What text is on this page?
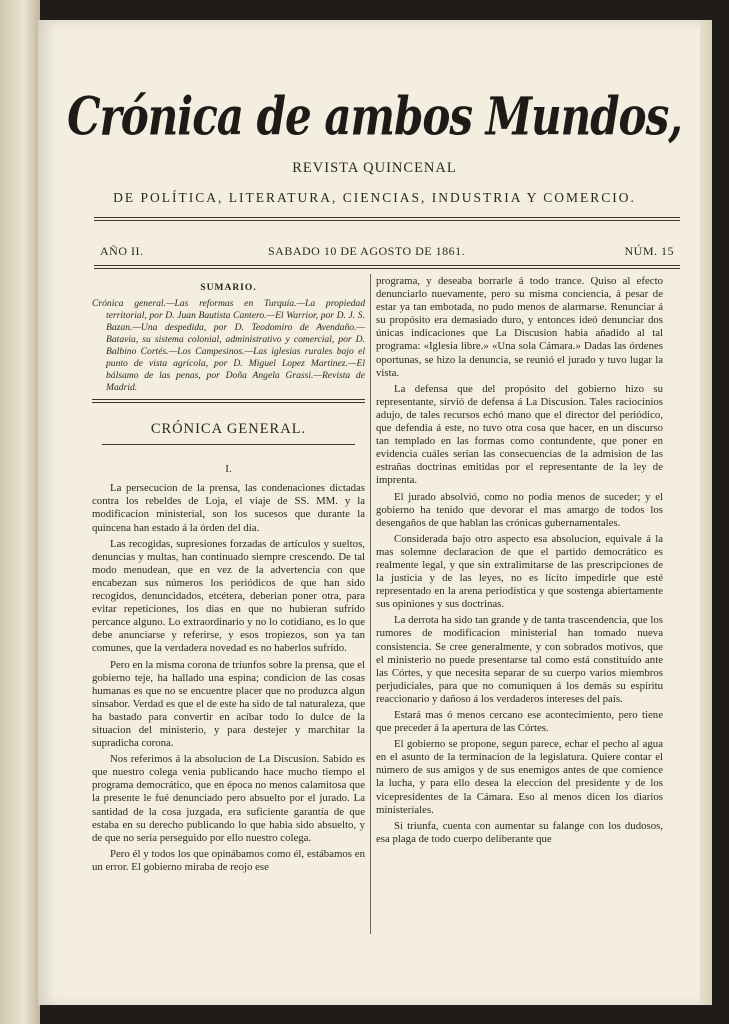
Crónica de ambos Mundos,
REVISTA QUINCENAL
DE POLÍTICA, LITERATURA, CIENCIAS, INDUSTRIA Y COMERCIO.
AÑO II.	SABADO 10 DE AGOSTO DE 1861.	NÚM. 15
SUMARIO.
Crónica general.—Las reformas en Turquía.—La propiedad territorial, por D. Juan Bautista Cantero.—El Warrior, por D. J. S. Bazan.—Una despedida, por D. Teodomiro de Avendaño.—Batavia, su sistema colonial, administrativo y comercial, por D. Balbino Cortés.—Los Campesinos.—Las iglesias rurales bajo el punto de vista agrícola, por D. Miguel Lopez Martinez.—El bálsamo de las penas, por Doña Angela Grassi.—Revista de Madrid.
CRÓNICA GENERAL.
I.

La persecucion de la prensa, las condenaciones dictadas contra los rebeldes de Loja, el viaje de SS. MM. y la modificacion ministerial, son los sucesos que durante la quincena han estado á la órden del dia.

Las recogidas, supresiones forzadas de artículos y sueltos, denuncias y multas, han continuado siempre crescendo. De tal modo menudean, que en vez de la advertencia con que encabezan sus números los periódicos de que han sido recogidos, denuncidados, etcétera, deberian poner otra, para evitar repeticiones, los dias en que no hubieran sufrido percance alguno. Lo extraordinario y no lo cotidiano, es lo que debe anunciarse y referirse, y esos tropiezos, son ya tan comunes, que la verdadera novedad es no haberlos sufrido.

Pero en la misma corona de triunfos sobre la prensa, que el gobierno teje, ha hallado una espina; condicion de las cosas humanas es que no se encuentre placer que no produzca algun sinsabor. Verdad es que el de este ha sido de tal naturaleza, que ha bastado para convertir en acíbar todo lo dulce de la situacion del ministerio, y para destejer y marchitar la supradicha corona.

Nos referimos á la absolucion de La Discusion. Sabido es que nuestro colega venia publicando hace mucho tiempo el programa democrático, que en época no menos calamitosa que la presente le fué denunciado pero absuelto por el jurado. La santidad de la cosa juzgada, era suficiente garantía de que estaba en su derecho publicando lo que habia sido absuelto, y de que no seria perseguido por ello nuestro colega.

Pero él y todos los que opinábamos como él, estábamos en un error. El gobierno miraba de reojo ese

programa, y deseaba borrarle á todo trance. Quiso al efecto denunciarlo nuevamente, pero su misma conciencia, á pesar de estar ya tan embotada, no pudo menos de alarmarse. Renunciar á su propósito era demasiado duro, y entonces ideó denunciar dos únicas indicaciones que La Discusion habia añadido al tal programa: «Iglesia libre.» «Una sola Cámara.» Dadas las órdenes oportunas, se hizo la denuncia, se reunió el jurado y tuvo lugar la vista.

La defensa que del propósito del gobierno hizo su representante, sirvió de defensa á La Discusion. Tales raciocinios adujo, de tales recursos echó mano que el director del periódico, que defendia á este, no tuvo otra cosa que hacer, en un discurso tan templado en las formas como contundente, que poner en evidencia cuáles serian las consecuencias de la admision de las estrañas doctrinas emitidas por el representante de la ley de imprenta.

El jurado absolvió, como no podia menos de suceder; y el gobierno ha tenido que devorar el mas amargo de todos los desengaños de que hablan las crónicas gubernamentales.

Considerada bajo otro aspecto esa absolucion, equivale á la mas solemne declaracion de que el partido democrático es realmente legal, y que sin extralimitarse de las prescripciones de la justicia y de las leyes, no es lícito impedirle que esté representado en la arena periodística y que sostenga abiertamente sus opiniones y sus doctrinas.

La derrota ha sido tan grande y de tanta trascendencia, que los rumores de modificacion ministerial han tomado nueva consistencia. Se cree generalmente, y con sobrados motivos, que el ministerio no puede presentarse tal como está constituido ante las Córtes, y que necesita separar de su cuerpo varios miembros perjudiciales, para que no comuniquen á los demás su espíritu reaccionario y dañoso á los verdaderos intereses del país.

Estará mas ó menos cercano ese acontecimiento, pero tiene que preceder á la apertura de las Córtes.

El gobierno se propone, segun parece, echar el pecho al agua en el asunto de la terminacion de la legislatura. Quiere contar el número de sus amigos y de sus enemigos antes de que comience la lucha, y para ello desea la eleccion del presidente y de los vicepresidentes de la Cámara. Eso al menos dicen los diarios ministeriales.

Si triunfa, cuenta con aumentar su falange con los dudosos, esa plaga de todo cuerpo deliberante que
